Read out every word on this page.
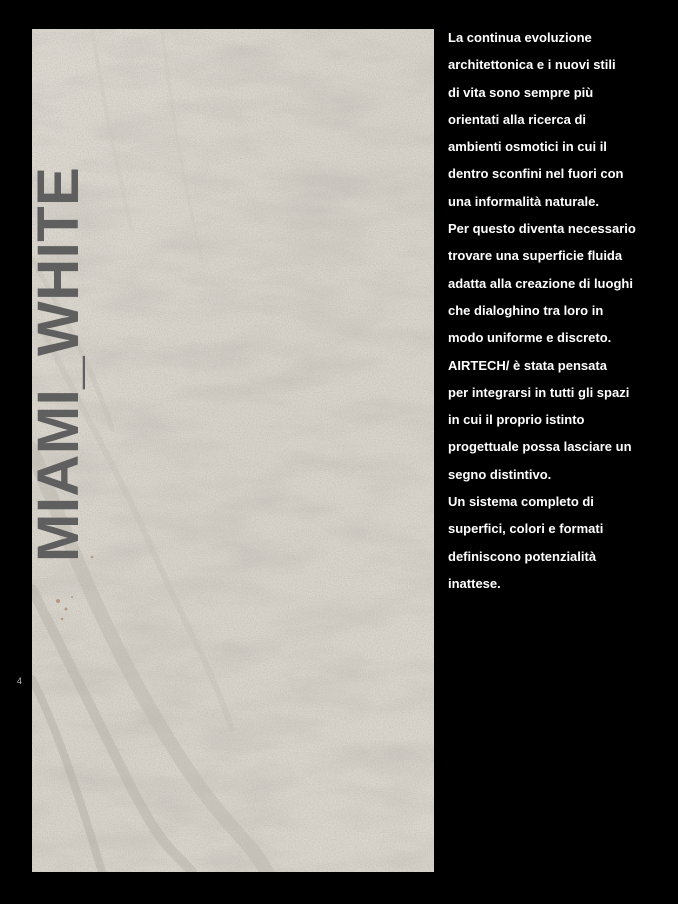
MIAMI_WHITE
4

La continua evoluzione
architettonica e i nuovi stili
di vita sono sempre più
orientati alla ricerca di
ambienti osmotici in cui il
dentro sconfini nel fuori con
una informalità naturale.
Per questo diventa necessario
trovare una superficie fluida
adatta alla creazione di luoghi
che dialoghino tra loro in
modo uniforme e discreto.
AIRTECH/ è stata pensata
per integrarsi in tutti gli spazi
in cui il proprio istinto
progettuale possa lasciare un
segno distintivo.
Un sistema completo di
superfici, colori e formati
definiscono potenzialità
inattese.
